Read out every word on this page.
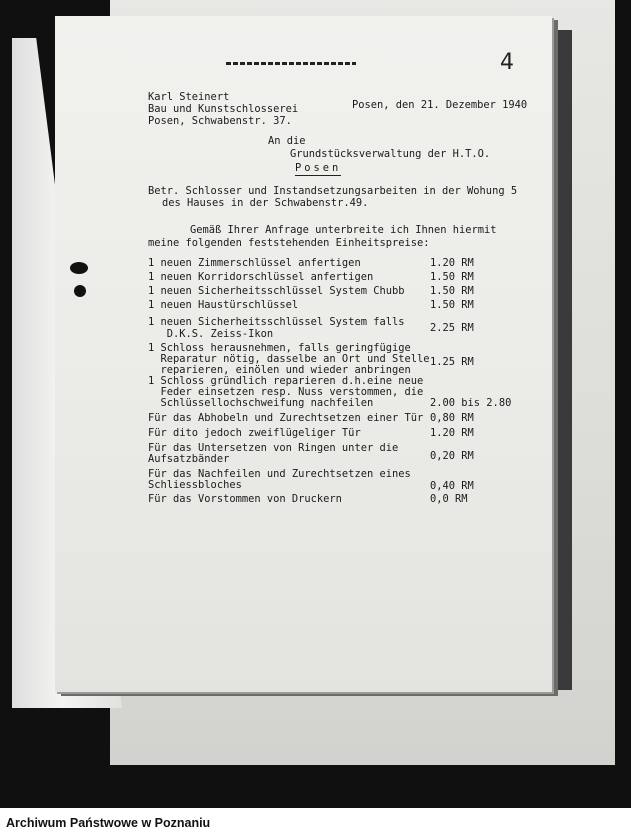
4
Karl Steinert
Bau und Kunstschlosserei
Posen, Schwabenstr. 37.
Posen, den 21. Dezember 1940
An die
Grundstücksverwaltung der H.T.O.
Posen
Betr. Schlosser und Instandsetzungsarbeiten in der Wohung 5
des Hauses in der Schwabenstr.49.
Gemäß Ihrer Anfrage unterbreite ich Ihnen hiermit
meine folgenden feststehenden Einheitspreise:
1 neuen Zimmerschlüssel anfertigen	1.20 RM
1 neuen Korridorschlüssel anfertigen	1.50 RM
1 neuen Sicherheitsschlüssel System Chubb 1.50 RM
1 neuen Haustürschlüssel	1.50 RM
1 neuen Sicherheitsschlüssel System falls
D.K.S. Zeiss-Ikon	2.25 RM
1 Schloss herausnehmen, falls geringfügige
Reparatur nötig, dasselbe an Ort und Stelle
reparieren, einölen und wieder anbringen
1.25 RM
1 Schloss gründlich reparieren d.h.eine neue
Feder einsetzen resp. Nuss verstommen, die
Schlüssellochschweifung nachfeilen	2.00 bis 2.80
Für das Abhobeln und Zurechtsetzen einer Tür 0,80 RM
Für dito jedoch zweiflügeliger Tür	1.20 RM
Für das Untersetzen von Ringen unter die
Aufsatzbänder	0,20 RM
Für das Nachfeilen und Zurechtsetzen eines
Schliessbloches	0,40 RM
Für das Vorstommen von Druckern	0,0 RM
Archiwum Państwowe w Poznaniu
